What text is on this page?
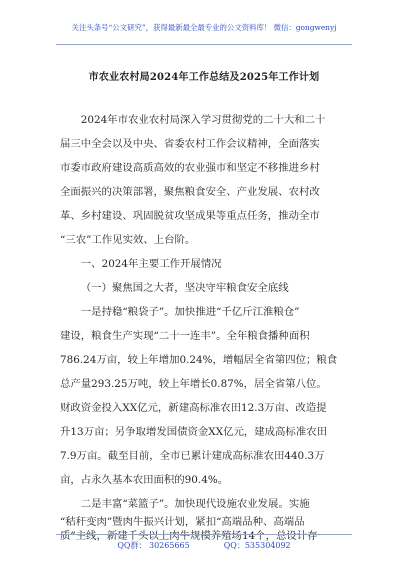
关注头条号“公文研究”，获得最新最全最专业的公文资料库！ 微信：gongwenyj
市农业农村局2024年工作总结及2025年工作计划
2024年市农业农村局深入学习贯彻党的二十大和二十
届三中全会以及中央、省委农村工作会议精神，全面落实
市委市政府建设高质高效的农业强市和坚定不移推进乡村
全面振兴的决策部署，聚焦粮食安全、产业发展、农村改
革、乡村建设、巩固脱贫攻坚成果等重点任务，推动全市
“三农”工作见实效、上台阶。
一、2024年主要工作开展情况
（一）聚焦国之大者，坚决守牢粮食安全底线
一是持稳“粮袋子”。加快推进“千亿斤江淮粮仓”
建设，粮食生产实现“二十一连丰”。全年粮食播种面积
786.24万亩，较上年增加0.24%，增幅居全省第四位；粮食
总产量293.25万吨，较上年增长0.87%，居全省第八位。
财政资金投入XX亿元，新建高标准农田12.3万亩、改造提
升13万亩；另争取增发国债资金XX亿元，建成高标准农田
7.9万亩。截至目前，全市已累计建成高标准农田440.3万
亩，占永久基本农田面积的90.4%。
二是丰富“菜篮子”。加快现代设施农业发展。实施
“秸秆变肉”暨肉牛振兴计划，紧扣“高端品种、高端品
质”主线，新建千头以上肉牛规模养殖场14个，总设计存
QQ群： 30265665	QQ：535304092
